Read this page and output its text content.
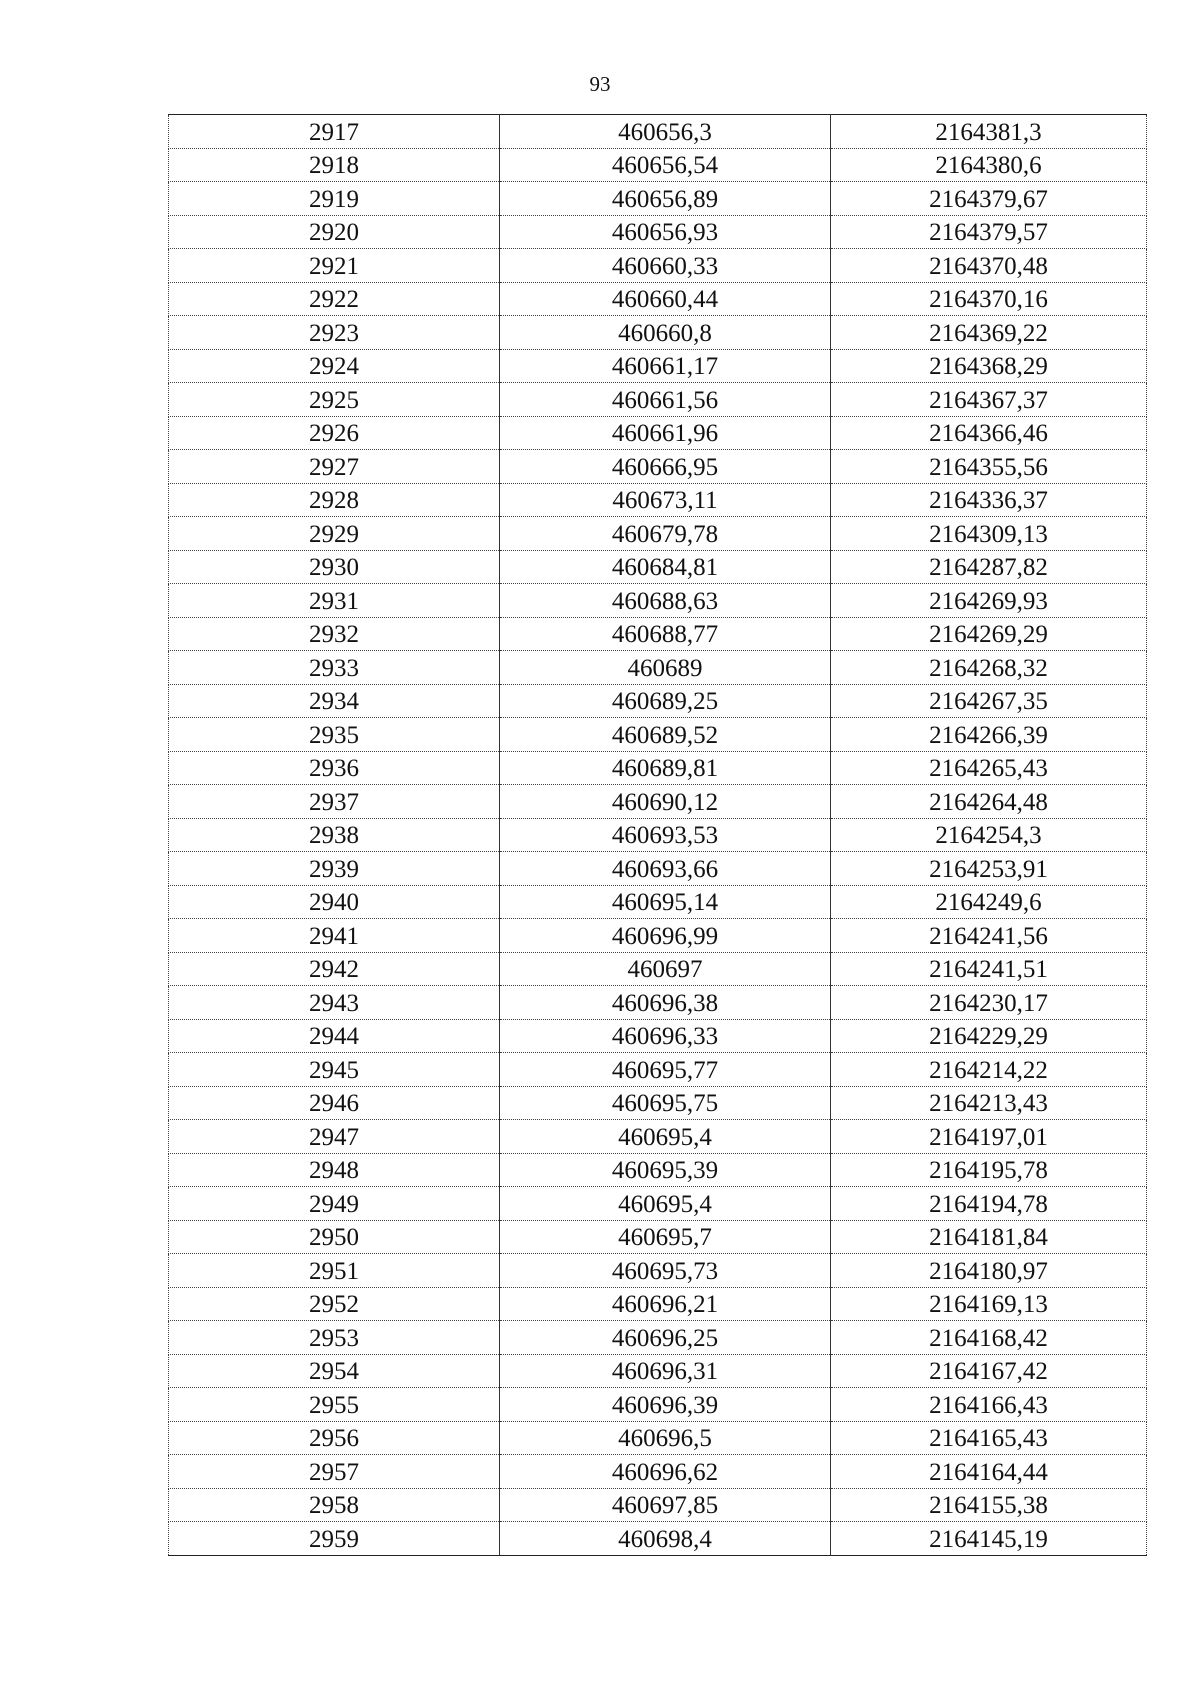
93
2917	460656,3	2164381,3
2918	460656,54	2164380,6
2919	460656,89	2164379,67
2920	460656,93	2164379,57
2921	460660,33	2164370,48
2922	460660,44	2164370,16
2923	460660,8	2164369,22
2924	460661,17	2164368,29
2925	460661,56	2164367,37
2926	460661,96	2164366,46
2927	460666,95	2164355,56
2928	460673,11	2164336,37
2929	460679,78	2164309,13
2930	460684,81	2164287,82
2931	460688,63	2164269,93
2932	460688,77	2164269,29
2933	460689	2164268,32
2934	460689,25	2164267,35
2935	460689,52	2164266,39
2936	460689,81	2164265,43
2937	460690,12	2164264,48
2938	460693,53	2164254,3
2939	460693,66	2164253,91
2940	460695,14	2164249,6
2941	460696,99	2164241,56
2942	460697	2164241,51
2943	460696,38	2164230,17
2944	460696,33	2164229,29
2945	460695,77	2164214,22
2946	460695,75	2164213,43
2947	460695,4	2164197,01
2948	460695,39	2164195,78
2949	460695,4	2164194,78
2950	460695,7	2164181,84
2951	460695,73	2164180,97
2952	460696,21	2164169,13
2953	460696,25	2164168,42
2954	460696,31	2164167,42
2955	460696,39	2164166,43
2956	460696,5	2164165,43
2957	460696,62	2164164,44
2958	460697,85	2164155,38
2959	460698,4	2164145,19
